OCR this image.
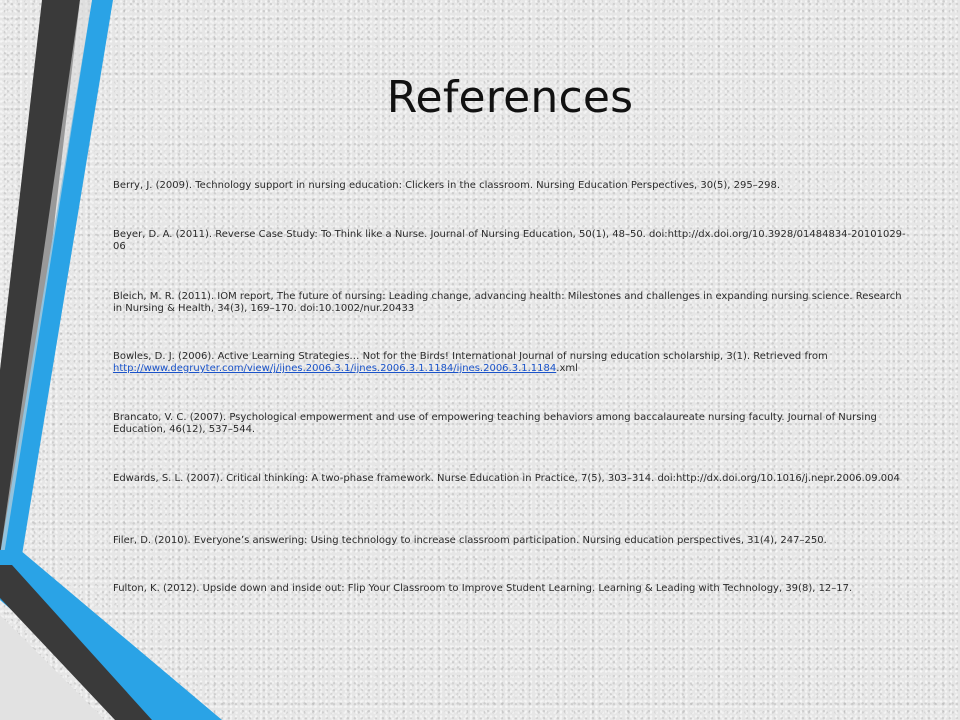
References
Berry, J. (2009). Technology support in nursing education: Clickers in the classroom. Nursing Education Perspectives, 30(5), 295–298.
Beyer, D. A. (2011). Reverse Case Study: To Think like a Nurse. Journal of Nursing Education, 50(1), 48–50. doi:http://dx.doi.org/10.3928/01484834-20101029-06
Bleich, M. R. (2011). IOM report, The future of nursing: Leading change, advancing health: Milestones and challenges in expanding nursing science. Research in Nursing & Health, 34(3), 169–170. doi:10.1002/nur.20433
Bowles, D. J. (2006). Active Learning Strategies… Not for the Birds! International Journal of nursing education scholarship, 3(1). Retrieved from http://www.degruyter.com/view/j/ijnes.2006.3.1/ijnes.2006.3.1.1184/ijnes.2006.3.1.1184.xml
Brancato, V. C. (2007). Psychological empowerment and use of empowering teaching behaviors among baccalaureate nursing faculty. Journal of Nursing Education, 46(12), 537–544.
Edwards, S. L. (2007). Critical thinking: A two-phase framework. Nurse Education in Practice, 7(5), 303–314. doi:http://dx.doi.org/10.1016/j.nepr.2006.09.004
Filer, D. (2010). Everyone’s answering: Using technology to increase classroom participation. Nursing education perspectives, 31(4), 247–250.
Fulton, K. (2012). Upside down and inside out: Flip Your Classroom to Improve Student Learning. Learning & Leading with Technology, 39(8), 12–17.
